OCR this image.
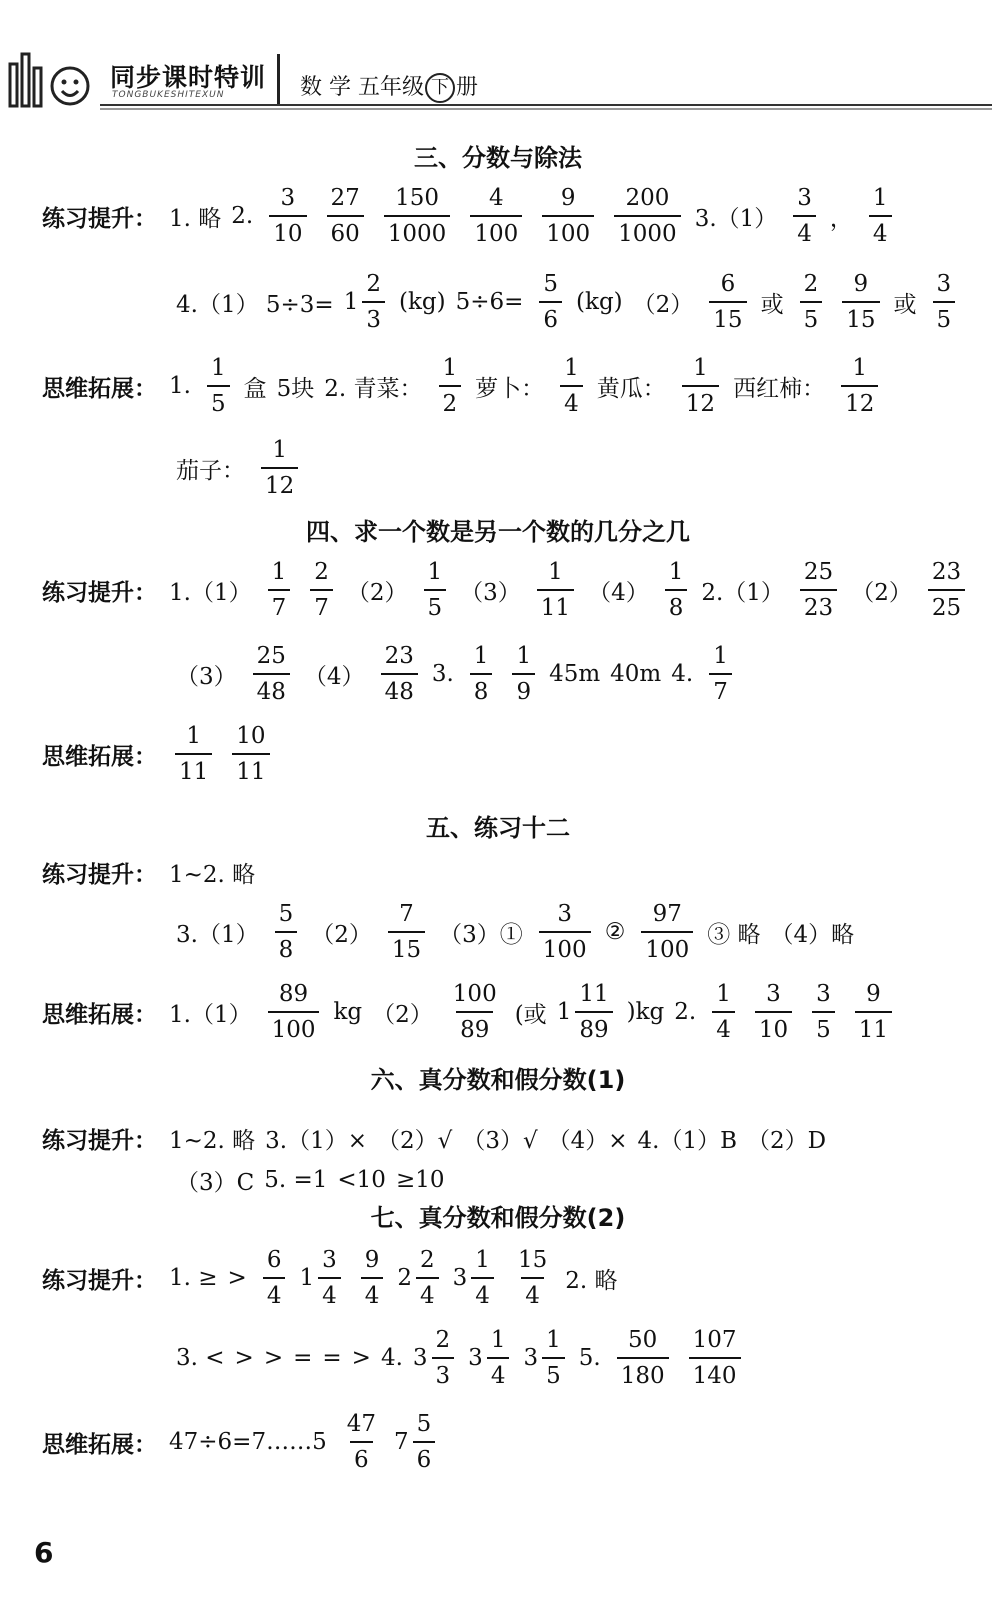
同步课时特训
TONGBUKESHITEXUN	数 学 五年级 下 册
三、分数与除法
练习提升： 1. 略 2. $\frac{3}{10} \frac{27}{60} \frac{150}{1000} \frac{4}{100} \frac{9}{100} \frac{200}{1000} 3.(1) \frac{3}{4}$ ， $\frac{1}{4}$
4.（1） $5\div 3= 1 \frac{2}{3} (kg)$ $5\div 6= \frac{5}{6} (kg)$ $(2) \frac{6}{15}$ 或 $\frac{2}{5} \frac{9}{15}$ 或 $\frac{3}{5}$
思维拓展： 1. $\frac{1}{5}$ 盒 5块 2. 青菜： $\frac{1}{2}$ 萝卜： $\frac{1}{4}$ 黄瓜： $\frac{1}{12}$ 西红柿： $\frac{1}{12}$
茄子： $\frac{1}{12}$
四、求一个数是另一个数的几分之几
练习提升： $1.(1) \frac{1}{7} \frac{2}{7} (2) \frac{1}{5} (3) \frac{1}{11} (4) \frac{1}{8} 2.(1) \frac{25}{23} (2) \frac{23}{25}$
$(3) \frac{25}{48} (4) \frac{23}{48} 3$. $\frac{1}{8} \frac{1}{9} 45m$ 40m 4. $\frac{1}{7}$
思维拓展： $\frac{1}{11} \frac{10}{11}$
五、练习十二
练习提升： 1~2. 略
$3.(1) \frac{5}{8} (2) \frac{7}{15}$ （3）① $\frac{3}{100}$ ② $\frac{97}{100}$ ③ 略 （4）略
思维拓展： $1.(1) \frac{89}{100}$ kg $(2) \frac{100}{89}$ (或 $1 \frac{11}{89} )kg$ 2. $\frac{1}{4} \frac{3}{10} \frac{3}{5} \frac{9}{11}$
六、真分数和假分数(1)
练习提升： 1~2. 略 3.（1）× （2）√ （3）√ （4）× 4.（1）B （2）D
（3）C 5. =1 <10 ≥10
七、真分数和假分数(2)
练习提升： 1. ≥ > $\frac{6}{4} 1 \frac{3}{4} \frac{9}{4} 2 \frac{2}{4} 3 \frac{1}{4} \frac{15}{4} 2$. 略
3. < > > = = > 4. $3 \frac{2}{3} 3 \frac{1}{4} 3 \frac{1}{5} 5$. $\frac{50}{180} \frac{107}{140}$
思维拓展： 47÷6=7……5 $\frac{47}{6} 7 \frac{5}{6}$
6
